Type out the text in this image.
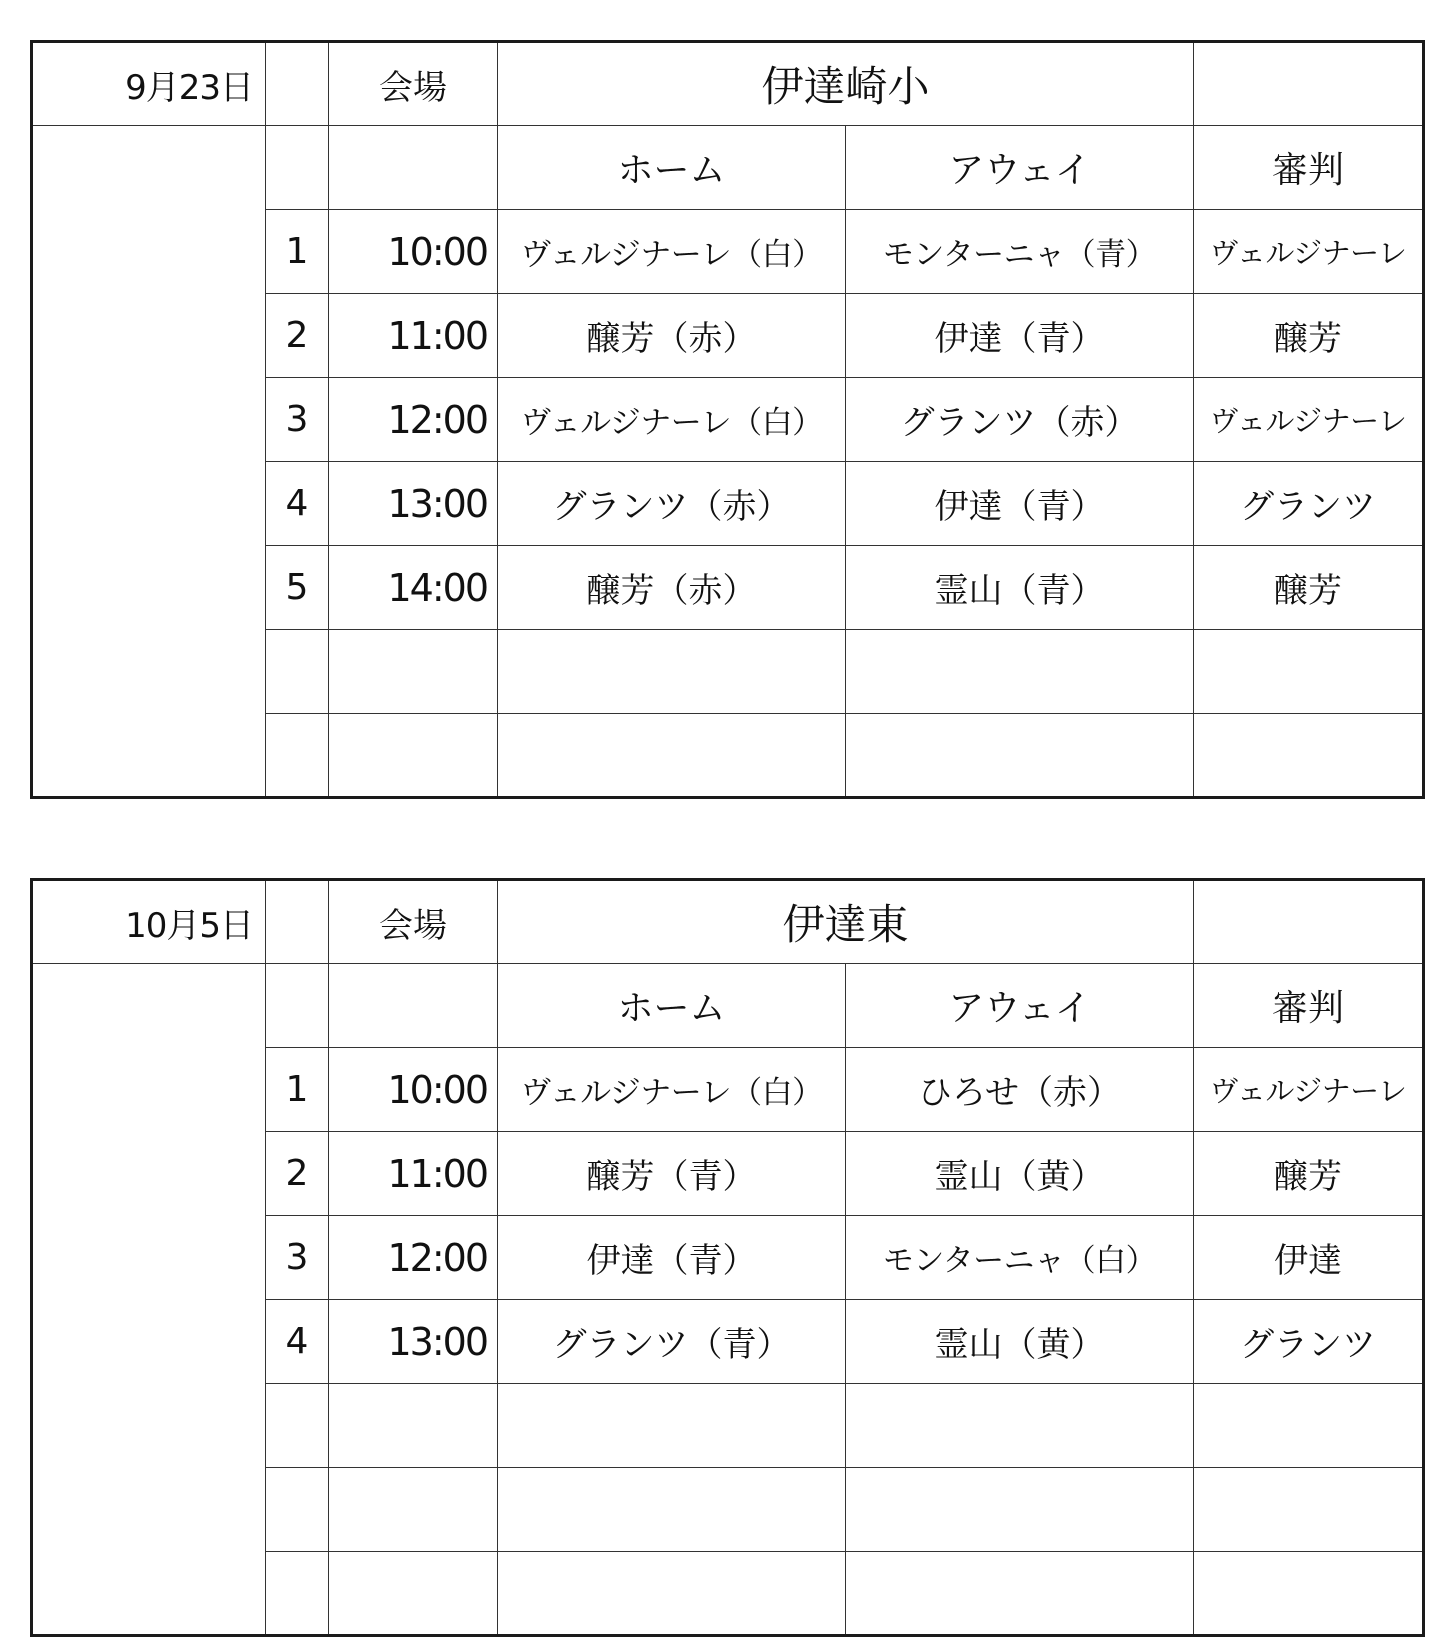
9月23日		会場	伊達崎小		
			ホーム	アウェイ	審判
	1	10:00	ヴェルジナーレ（白）	モンターニャ（青）	ヴェルジナーレ
	2	11:00	醸芳（赤）	伊達（青）	醸芳
	3	12:00	ヴェルジナーレ（白）	グランツ（赤）	ヴェルジナーレ
	4	13:00	グランツ（赤）	伊達（青）	グランツ
	5	14:00	醸芳（赤）	霊山（青）	醸芳

10月5日		会場	伊達東		
			ホーム	アウェイ	審判
	1	10:00	ヴェルジナーレ（白）	ひろせ（赤）	ヴェルジナーレ
	2	11:00	醸芳（青）	霊山（黄）	醸芳
	3	12:00	伊達（青）	モンターニャ（白）	伊達
	4	13:00	グランツ（青）	霊山（黄）	グランツ
